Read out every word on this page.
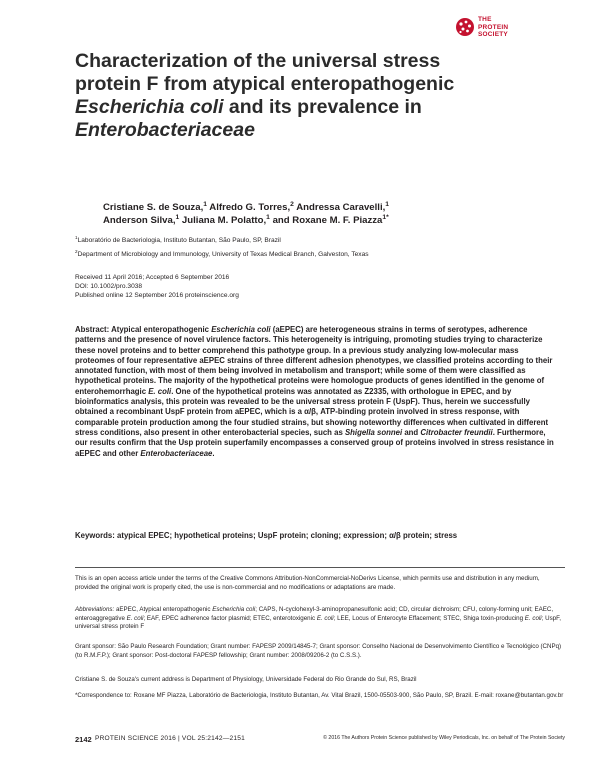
THE
PROTEIN
SOCIETY
Characterization of the universal stress
protein F from atypical enteropathogenic
Escherichia coli and its prevalence in
Enterobacteriaceae
Cristiane S. de Souza,$^1$ Alfredo G. Torres,$^2$ Andressa Caravelli,$^1$
Anderson Silva,$^1$ Juliana M. Polatto,$^1$ and Roxane M. F. Piazza$^{1*}$
$^1$Laboratório de Bacteriologia, Instituto Butantan, São Paulo, SP, Brazil
$^2$Department of Microbiology and Immunology, University of Texas Medical Branch, Galveston, Texas
Received 11 April 2016; Accepted 6 September 2016
DOI: 10.1002/pro.3038
Published online 12 September 2016 proteinscience.org
Abstract: Atypical enteropathogenic Escherichia coli (aEPEC) are heterogeneous strains in terms of serotypes, adherence patterns and the presence of novel virulence factors. This heterogeneity is intriguing, promoting studies trying to characterize these novel proteins and to better comprehend this pathotype group. In a previous study analyzing low-molecular mass proteomes of four representative aEPEC strains of three different adhesion phenotypes, we classified proteins according to their annotated function, with most of them being involved in metabolism and transport; while some of them were classified as hypothetical proteins. The majority of the hypothetical proteins were homologue products of genes identified in the genome of enterohemorrhagic E. coli. One of the hypothetical proteins was annotated as Z2335, with orthologue in EPEC, and by bioinformatics analysis, this protein was revealed to be the universal stress protein F (UspF). Thus, herein we successfully obtained a recombinant UspF protein from aEPEC, which is a α/β, ATP-binding protein involved in stress response, with comparable protein production among the four studied strains, but showing noteworthy differences when cultivated in different stress conditions, also present in other enterobacterial species, such as Shigella sonnei and Citrobacter freundii. Furthermore, our results confirm that the Usp protein superfamily encompasses a conserved group of proteins involved in stress resistance in aEPEC and other Enterobacteriaceae.
Keywords: atypical EPEC; hypothetical proteins; UspF protein; cloning; expression; α/β protein; stress
This is an open access article under the terms of the Creative Commons Attribution-NonCommercial-NoDerivs License, which permits use and distribution in any medium, provided the original work is properly cited, the use is non-commercial and no modifications or adaptations are made.
Abbreviations: aEPEC, Atypical enteropathogenic Escherichia coli; CAPS, N-cyclohexyl-3-aminopropanesulfonic acid; CD, circular dichroism; CFU, colony-forming unit; EAEC, enteroaggregative E. coli; EAF, EPEC adherence factor plasmid; ETEC, enterotoxigenic E. coli; LEE, Locus of Enterocyte Effacement; STEC, Shiga toxin-producing E. coli; UspF, universal stress protein F
Grant sponsor: São Paulo Research Foundation; Grant number: FAPESP 2009/14845-7; Grant sponsor: Conselho Nacional de Desenvolvimento Científico e Tecnológico (CNPq) (to R.M.F.P.); Grant sponsor: Post-doctoral FAPESP fellowship; Grant number: 2008/09206-2 (to C.S.S.).
Cristiane S. de Souza's current address is Department of Physiology, Universidade Federal do Rio Grande do Sul, RS, Brazil
*Correspondence to: Roxane MF Piazza, Laboratório de Bacteriologia, Instituto Butantan, Av. Vital Brazil, 1500-05503-900, São Paulo, SP, Brazil. E-mail: roxane@butantan.gov.br
2142 PROTEIN SCIENCE 2016 | VOL 25:2142—2151	© 2016 The Authors Protein Science published by Wiley Periodicals, Inc. on behalf of The Protein Society
